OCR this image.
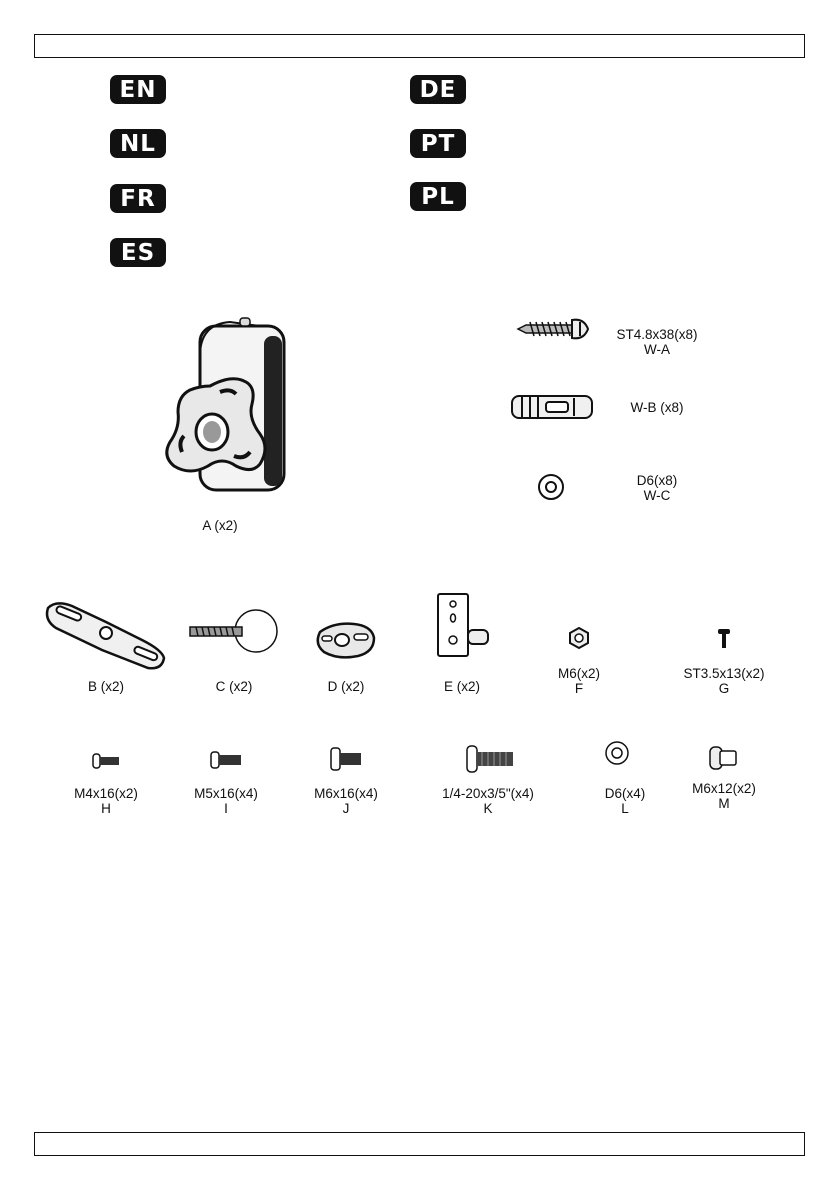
EN	DE
NL	PT
FR	PL
ES
A (x2)
ST4.8x38(x8)
W-A
W-B (x8)
D6(x8)
W-C
B (x2)	C (x2)	D (x2)	E (x2)
M6(x2)
F
ST3.5x13(x2)
G
M4x16(x2)
H
M5x16(x4)
I
M6x16(x4)
J
1/4-20x3/5"(x4)
K
D6(x4)
L
M6x12(x2)
M
